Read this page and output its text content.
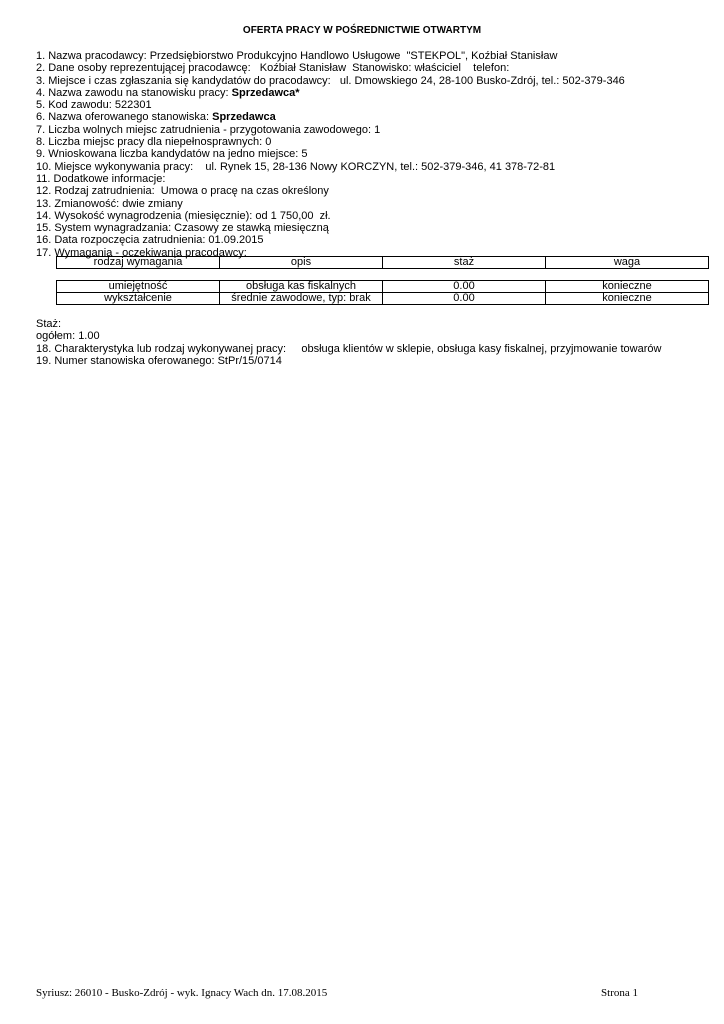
OFERTA PRACY W POŚREDNICTWIE OTWARTYM
1. Nazwa pracodawcy: Przedsiębiorstwo Produkcyjno Handlowo Usługowe  "STEKPOL", Koźbiał Stanisław
2. Dane osoby reprezentującej pracodawcę:   Koźbiał Stanisław  Stanowisko: właściciel    telefon:
3. Miejsce i czas zgłaszania się kandydatów do pracodawcy:   ul. Dmowskiego 24, 28-100 Busko-Zdrój, tel.: 502-379-346
4. Nazwa zawodu na stanowisku pracy: Sprzedawca*
5. Kod zawodu: 522301
6. Nazwa oferowanego stanowiska: Sprzedawca
7. Liczba wolnych miejsc zatrudnienia - przygotowania zawodowego: 1
8. Liczba miejsc pracy dla niepełnosprawnych: 0
9. Wnioskowana liczba kandydatów na jedno miejsce: 5
10. Miejsce wykonywania pracy:    ul. Rynek 15, 28-136 Nowy KORCZYN, tel.: 502-379-346, 41 378-72-81
11. Dodatkowe informacje:
12. Rodzaj zatrudnienia:  Umowa o pracę na czas określony
13. Zmianowość: dwie zmiany
14. Wysokość wynagrodzenia (miesięcznie): od 1 750,00  zł.
15. System wynagradzania: Czasowy ze stawką miesięczną
16. Data rozpoczęcia zatrudnienia: 01.09.2015
17. Wymagania - oczekiwania pracodawcy:
rodzaj wymagania	opis	staż	waga
umiejętność	obsługa kas fiskalnych	0.00	konieczne
wykształcenie	średnie zawodowe, typ: brak	0.00	konieczne
Staż:
ogółem: 1.00
18. Charakterystyka lub rodzaj wykonywanej pracy:     obsługa klientów w sklepie, obsługa kasy fiskalnej, przyjmowanie towarów
19. Numer stanowiska oferowanego: StPr/15/0714
Syriusz: 26010 - Busko-Zdrój - wyk. Ignacy Wach dn. 17.08.2015	Strona 1
